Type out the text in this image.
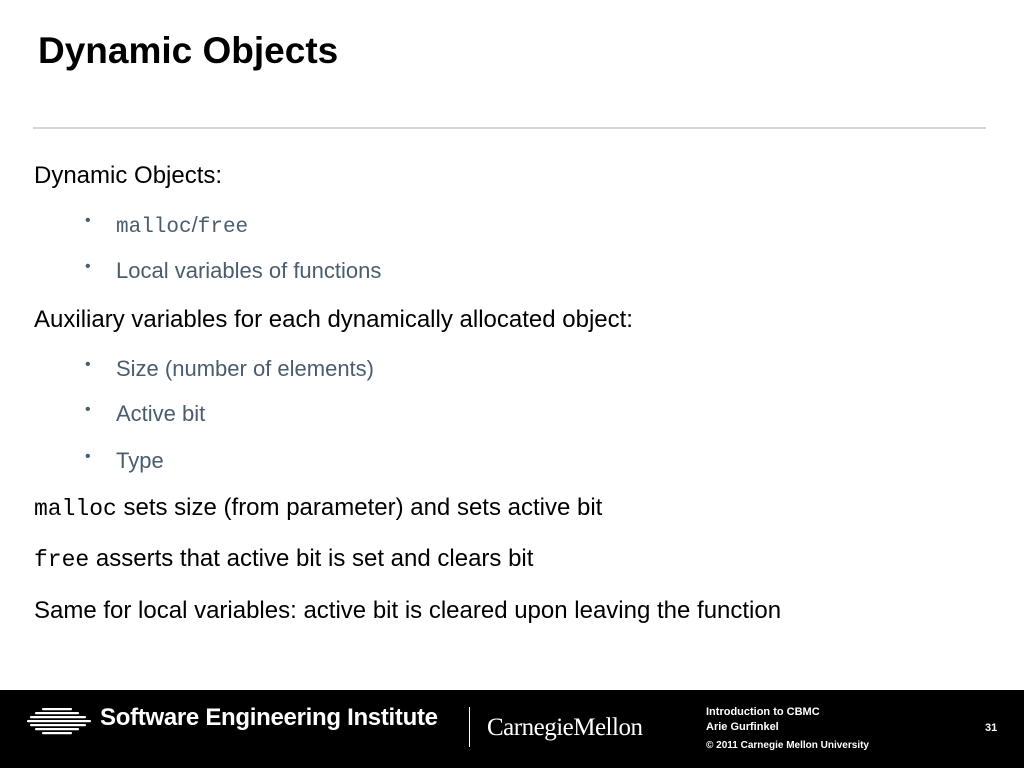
Dynamic Objects
Dynamic Objects:
• malloc/free
• Local variables of functions
Auxiliary variables for each dynamically allocated object:
• Size (number of elements)
• Active bit
• Type
malloc sets size (from parameter) and sets active bit
free asserts that active bit is set and clears bit
Same for local variables: active bit is cleared upon leaving the function
Software Engineering Institute CarnegieMellon
Introduction to CBMC
Arie Gurfinkel
© 2011 Carnegie Mellon University
31
